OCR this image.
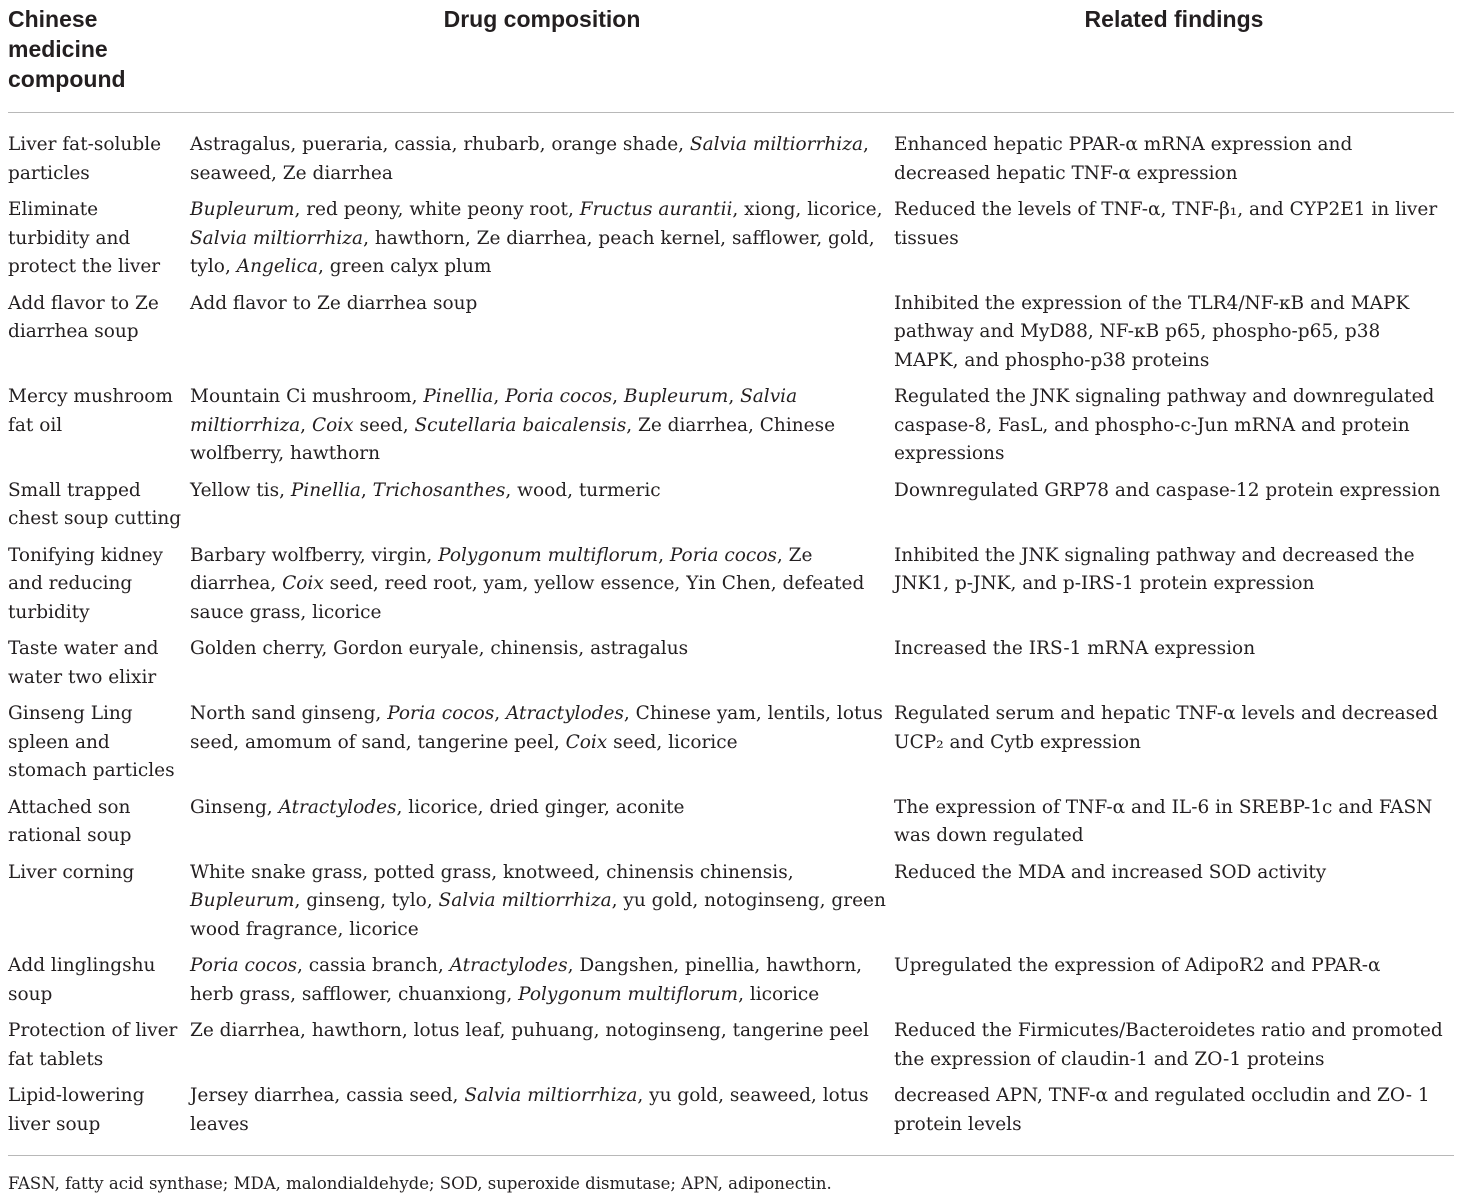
Chinese medicine compound	Drug composition	Related findings
Liver fat-soluble particles	Astragalus, pueraria, cassia, rhubarb, orange shade, Salvia miltiorrhiza, seaweed, Ze diarrhea	Enhanced hepatic PPAR-α mRNA expression and decreased hepatic TNF-α expression
Eliminate turbidity and protect the liver	Bupleurum, red peony, white peony root, Fructus aurantii, xiong, licorice, Salvia miltiorrhiza, hawthorn, Ze diarrhea, peach kernel, safflower, gold, tylo, Angelica, green calyx plum	Reduced the levels of TNF-α, TNF-β₁, and CYP2E1 in liver tissues
Add flavor to Ze diarrhea soup	Add flavor to Ze diarrhea soup	Inhibited the expression of the TLR4/NF-κB and MAPK pathway and MyD88, NF-κB p65, phospho-p65, p38 MAPK, and phospho-p38 proteins
Mercy mushroom fat oil	Mountain Ci mushroom, Pinellia, Poria cocos, Bupleurum, Salvia miltiorrhiza, Coix seed, Scutellaria baicalensis, Ze diarrhea, Chinese wolfberry, hawthorn	Regulated the JNK signaling pathway and downregulated caspase-8, FasL, and phospho-c-Jun mRNA and protein expressions
Small trapped chest soup cutting	Yellow tis, Pinellia, Trichosanthes, wood, turmeric	Downregulated GRP78 and caspase-12 protein expression
Tonifying kidney and reducing turbidity	Barbary wolfberry, virgin, Polygonum multiflorum, Poria cocos, Ze diarrhea, Coix seed, reed root, yam, yellow essence, Yin Chen, defeated sauce grass, licorice	Inhibited the JNK signaling pathway and decreased the JNK1, p-JNK, and p-IRS-1 protein expression
Taste water and water two elixir	Golden cherry, Gordon euryale, chinensis, astragalus	Increased the IRS-1 mRNA expression
Ginseng Ling spleen and stomach particles	North sand ginseng, Poria cocos, Atractylodes, Chinese yam, lentils, lotus seed, amomum of sand, tangerine peel, Coix seed, licorice	Regulated serum and hepatic TNF-α levels and decreased UCP₂ and Cytb expression
Attached son rational soup	Ginseng, Atractylodes, licorice, dried ginger, aconite	The expression of TNF-α and IL-6 in SREBP-1c and FASN was down regulated
Liver corning	White snake grass, potted grass, knotweed, chinensis chinensis, Bupleurum, ginseng, tylo, Salvia miltiorrhiza, yu gold, notoginseng, green wood fragrance, licorice	Reduced the MDA and increased SOD activity
Add linglingshu soup	Poria cocos, cassia branch, Atractylodes, Dangshen, pinellia, hawthorn, herb grass, safflower, chuanxiong, Polygonum multiflorum, licorice	Upregulated the expression of AdipoR2 and PPAR-α
Protection of liver fat tablets	Ze diarrhea, hawthorn, lotus leaf, puhuang, notoginseng, tangerine peel	Reduced the Firmicutes/Bacteroidetes ratio and promoted the expression of claudin-1 and ZO-1 proteins
Lipid-lowering liver soup	Jersey diarrhea, cassia seed, Salvia miltiorrhiza, yu gold, seaweed, lotus leaves	decreased APN, TNF-α and regulated occludin and ZO- 1 protein levels
FASN, fatty acid synthase; MDA, malondialdehyde; SOD, superoxide dismutase; APN, adiponectin.
